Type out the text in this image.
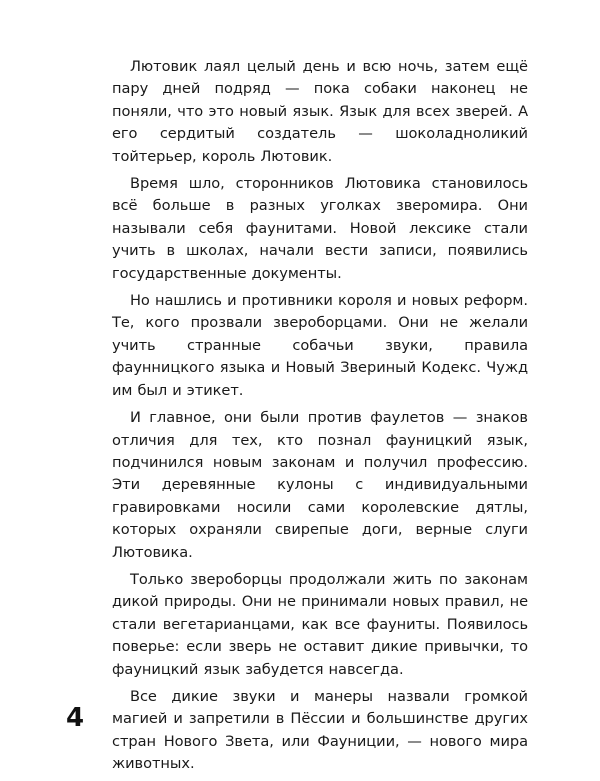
Лютовик лаял целый день и всю ночь, затем ещё пару дней подряд — пока собаки наконец не поняли, что это новый язык. Язык для всех зверей. А его сердитый создатель — шоколадноликий тойтерьер, король Лютовик.

Время шло, сторонников Лютовика становилось всё больше в разных уголках звеpомира. Они называли себя фаунитами. Новой лексике стали учить в школах, начали вести записи, появились государственные документы.

Но нашлись и противники короля и новых реформ. Те, кого прозвали звероборцами. Они не желали учить странные собачьи звуки, правила фаунницкого языка и Новый Звериный Кодекс. Чужд им был и этикет.

И главное, они были против фаулетов — знаков отличия для тех, кто познал фауницкий язык, подчинился новым законам и получил профессию. Эти деревянные кулоны с индивидуальными гравировками носили сами королевские дятлы, которых охраняли свирепые доги, верные слуги Лютовика.

Только звероборцы продолжали жить по законам дикой природы. Они не принимали новых правил, не стали вегетарианцами, как все фауниты. Появилось поверье: если зверь не оставит дикие привычки, то фауницкий язык забудется навсегда.

Все дикие звуки и манеры назвали громкой магией и запретили в Пёссии и большинстве других стран Нового Звета, или Фауниции, — нового мира животных.

4
